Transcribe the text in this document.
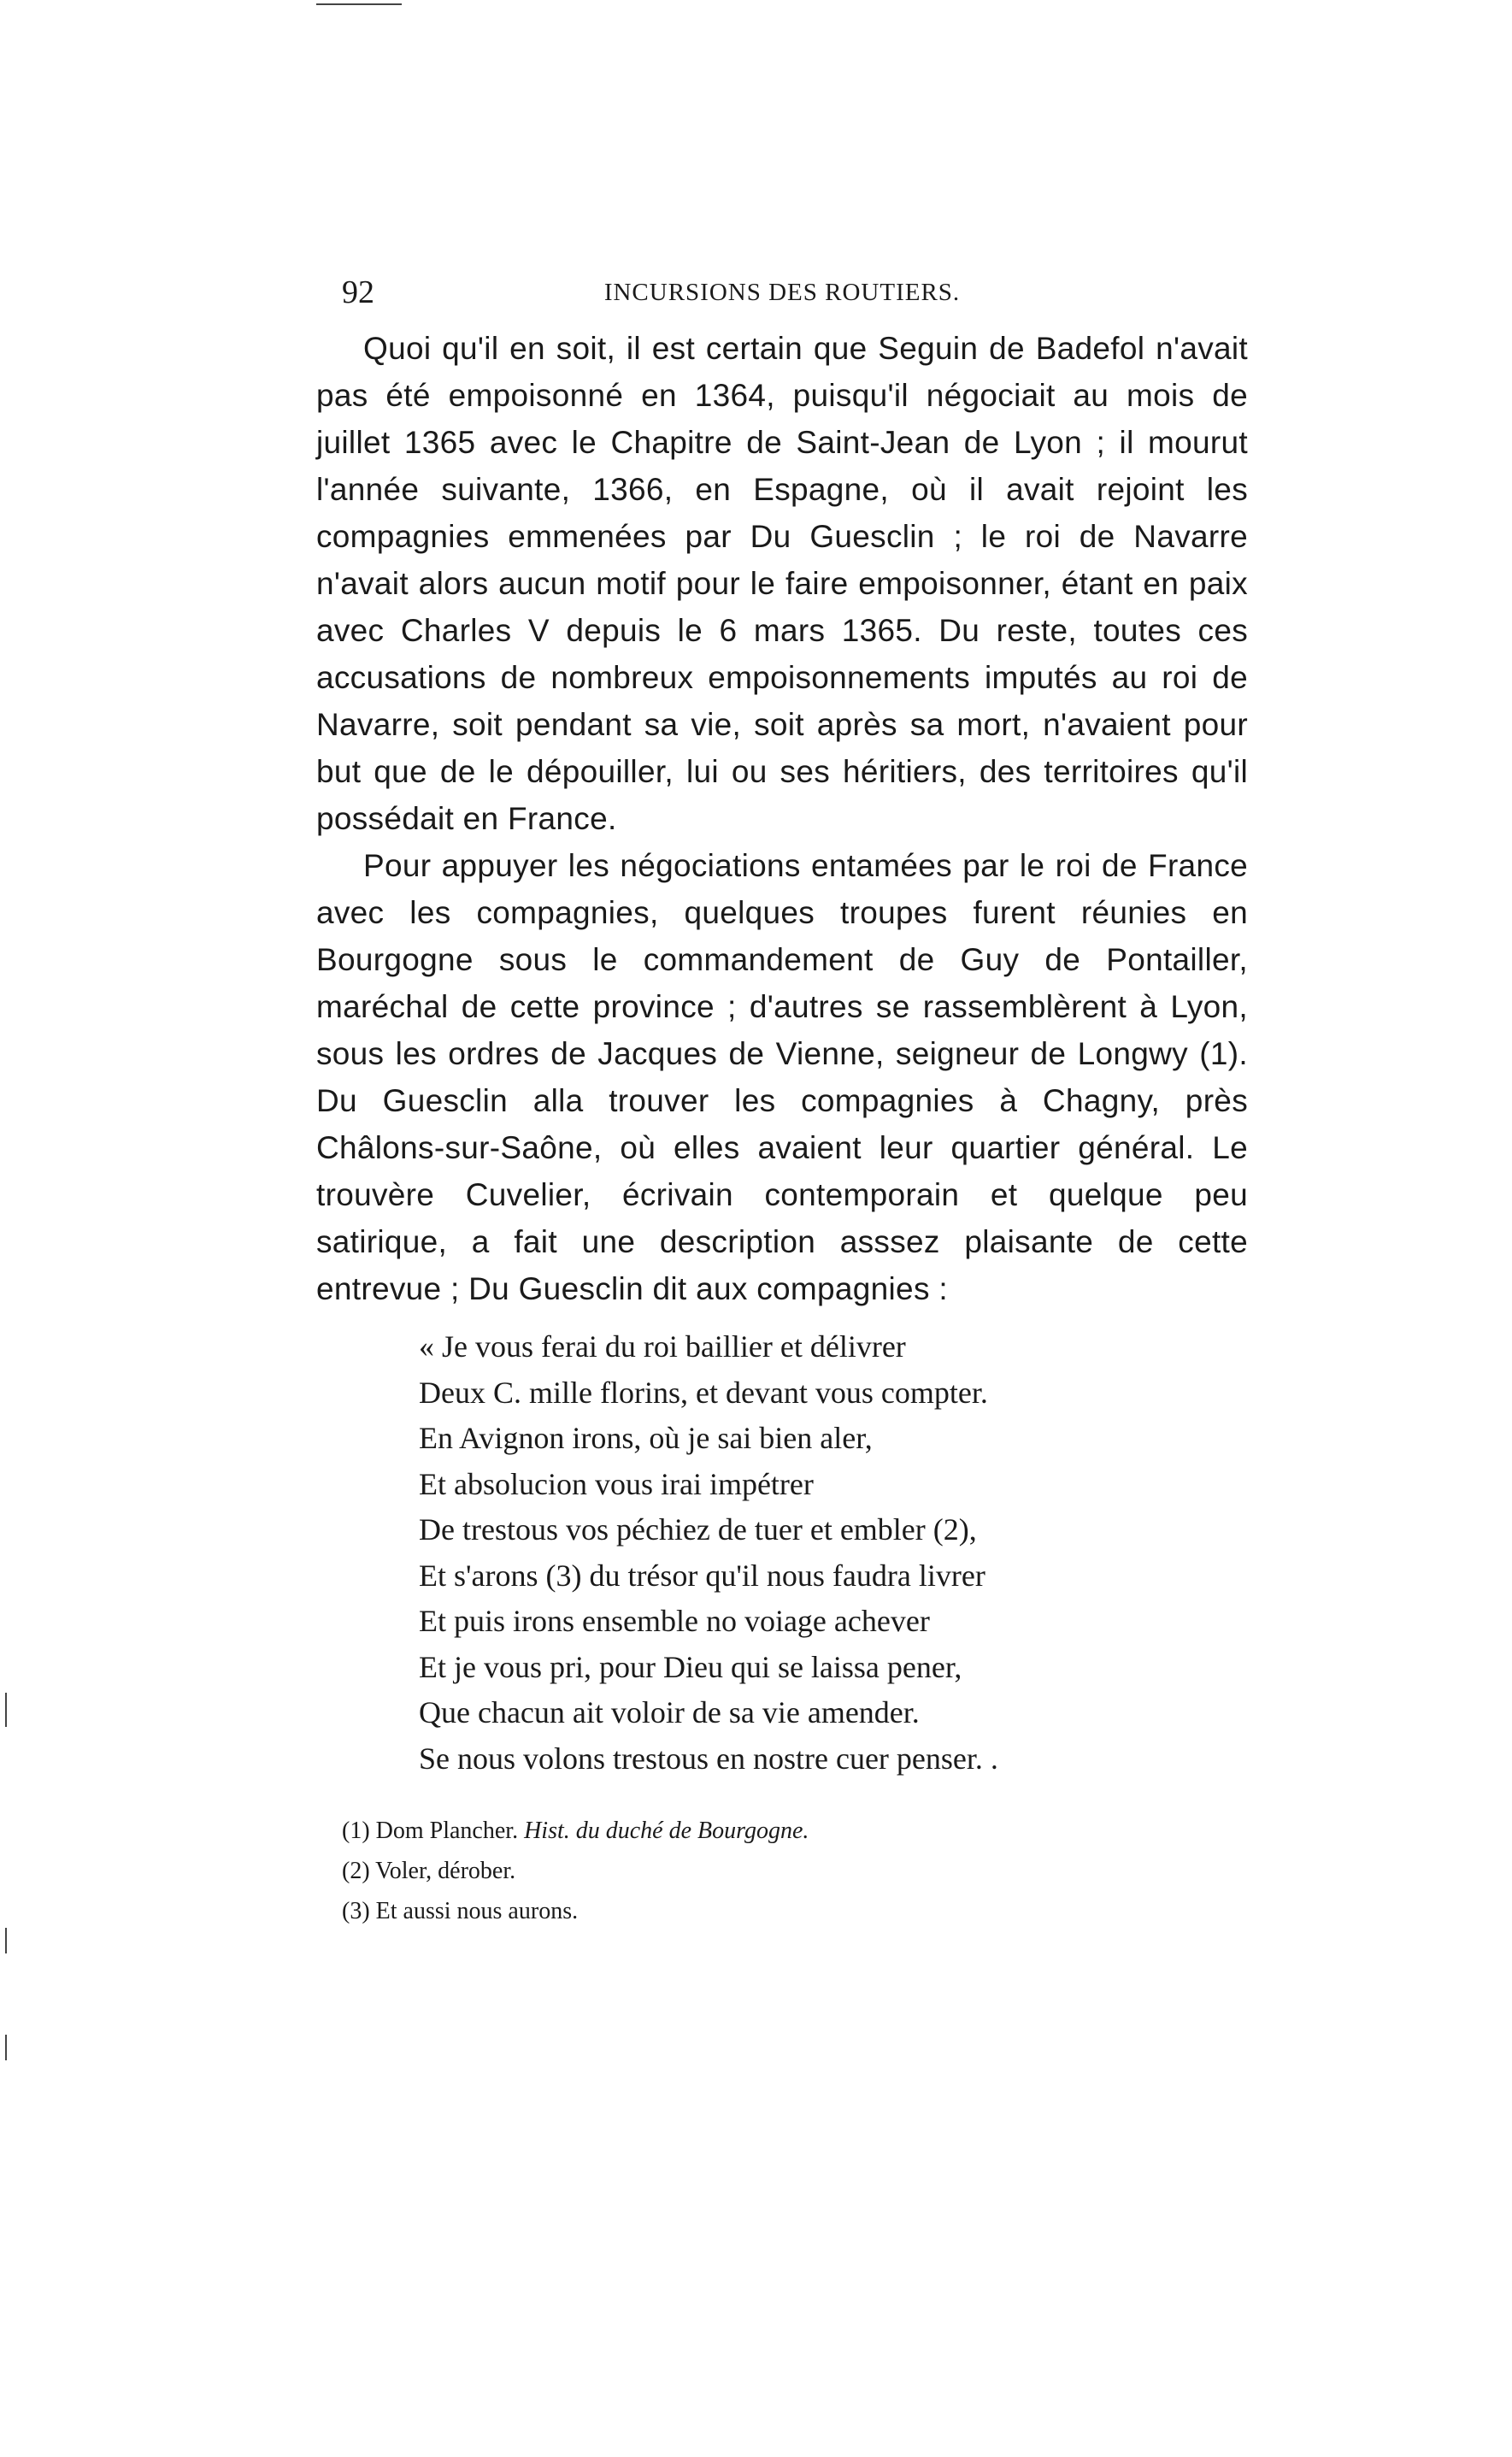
92	INCURSIONS DES ROUTIERS.

Quoi qu'il en soit, il est certain que Seguin de Badefol n'avait pas été empoisonné en 1364, puisqu'il négociait au mois de juillet 1365 avec le Chapitre de Saint-Jean de Lyon ; il mourut l'année suivante, 1366, en Espagne, où il avait rejoint les compagnies emmenées par Du Guesclin ; le roi de Navarre n'avait alors aucun motif pour le faire empoisonner, étant en paix avec Charles V depuis le 6 mars 1365. Du reste, toutes ces accusations de nombreux empoisonnements imputés au roi de Navarre, soit pendant sa vie, soit après sa mort, n'avaient pour but que de le dépouiller, lui ou ses héritiers, des territoires qu'il possédait en France.

Pour appuyer les négociations entamées par le roi de France avec les compagnies, quelques troupes furent réunies en Bourgogne sous le commandement de Guy de Pontailler, maréchal de cette province ; d'autres se rassemblèrent à Lyon, sous les ordres de Jacques de Vienne, seigneur de Longwy (1). Du Guesclin alla trouver les compagnies à Chagny, près Châlons-sur-Saône, où elles avaient leur quartier général. Le trouvère Cuvelier, écrivain contemporain et quelque peu satirique, a fait une description asssez plaisante de cette entrevue ; Du Guesclin dit aux compagnies :

« Je vous ferai du roi baillier et délivrer
Deux C. mille florins, et devant vous compter.
En Avignon irons, où je sai bien aler,
Et absolucion vous irai impétrer
De trestous vos péchiez de tuer et embler (2),
Et s'arons (3) du trésor qu'il nous faudra livrer
Et puis irons ensemble no voiage achever
Et je vous pri, pour Dieu qui se laissa pener,
Que chacun ait voloir de sa vie amender.
Se nous volons trestous en nostre cuer penser. .
(1) Dom Plancher. Hist. du duché de Bourgogne.
(2) Voler, dérober.
(3) Et aussi nous aurons.
